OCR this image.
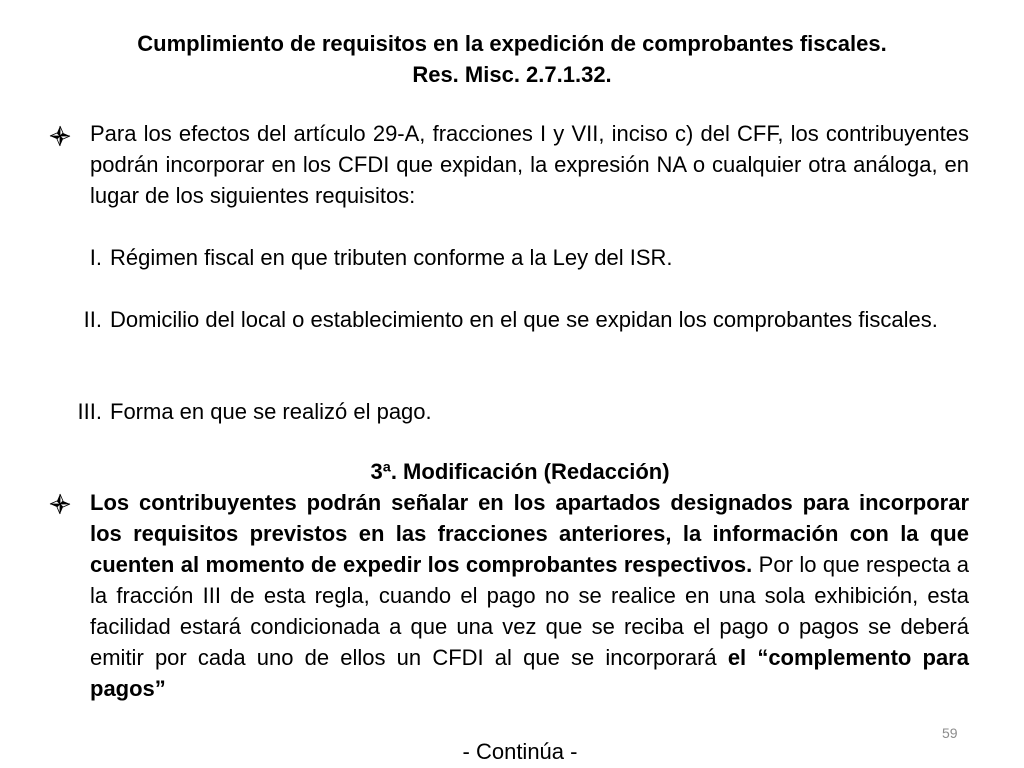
Cumplimiento de requisitos en la expedición de comprobantes fiscales.
Res. Misc. 2.7.1.32.
Para los efectos del artículo 29-A, fracciones I y VII, inciso c) del CFF, los contribuyentes podrán incorporar en los CFDI que expidan, la expresión NA o cualquier otra análoga, en lugar de los siguientes requisitos:
I. Régimen fiscal en que tributen conforme a la Ley del ISR.
II. Domicilio del local o establecimiento en el que se expidan los comprobantes fiscales.
III. Forma en que se realizó el pago.
3ª. Modificación (Redacción)
Los contribuyentes podrán señalar en los apartados designados para incorporar los requisitos previstos en las fracciones anteriores, la información con la que cuenten al momento de expedir los comprobantes respectivos. Por lo que respecta a la fracción III de esta regla, cuando el pago no se realice en una sola exhibición, esta facilidad estará condicionada a que una vez que se reciba el pago o pagos se deberá emitir por cada uno de ellos un CFDI al que se incorporará el “complemento para pagos”
59
- Continúa -
